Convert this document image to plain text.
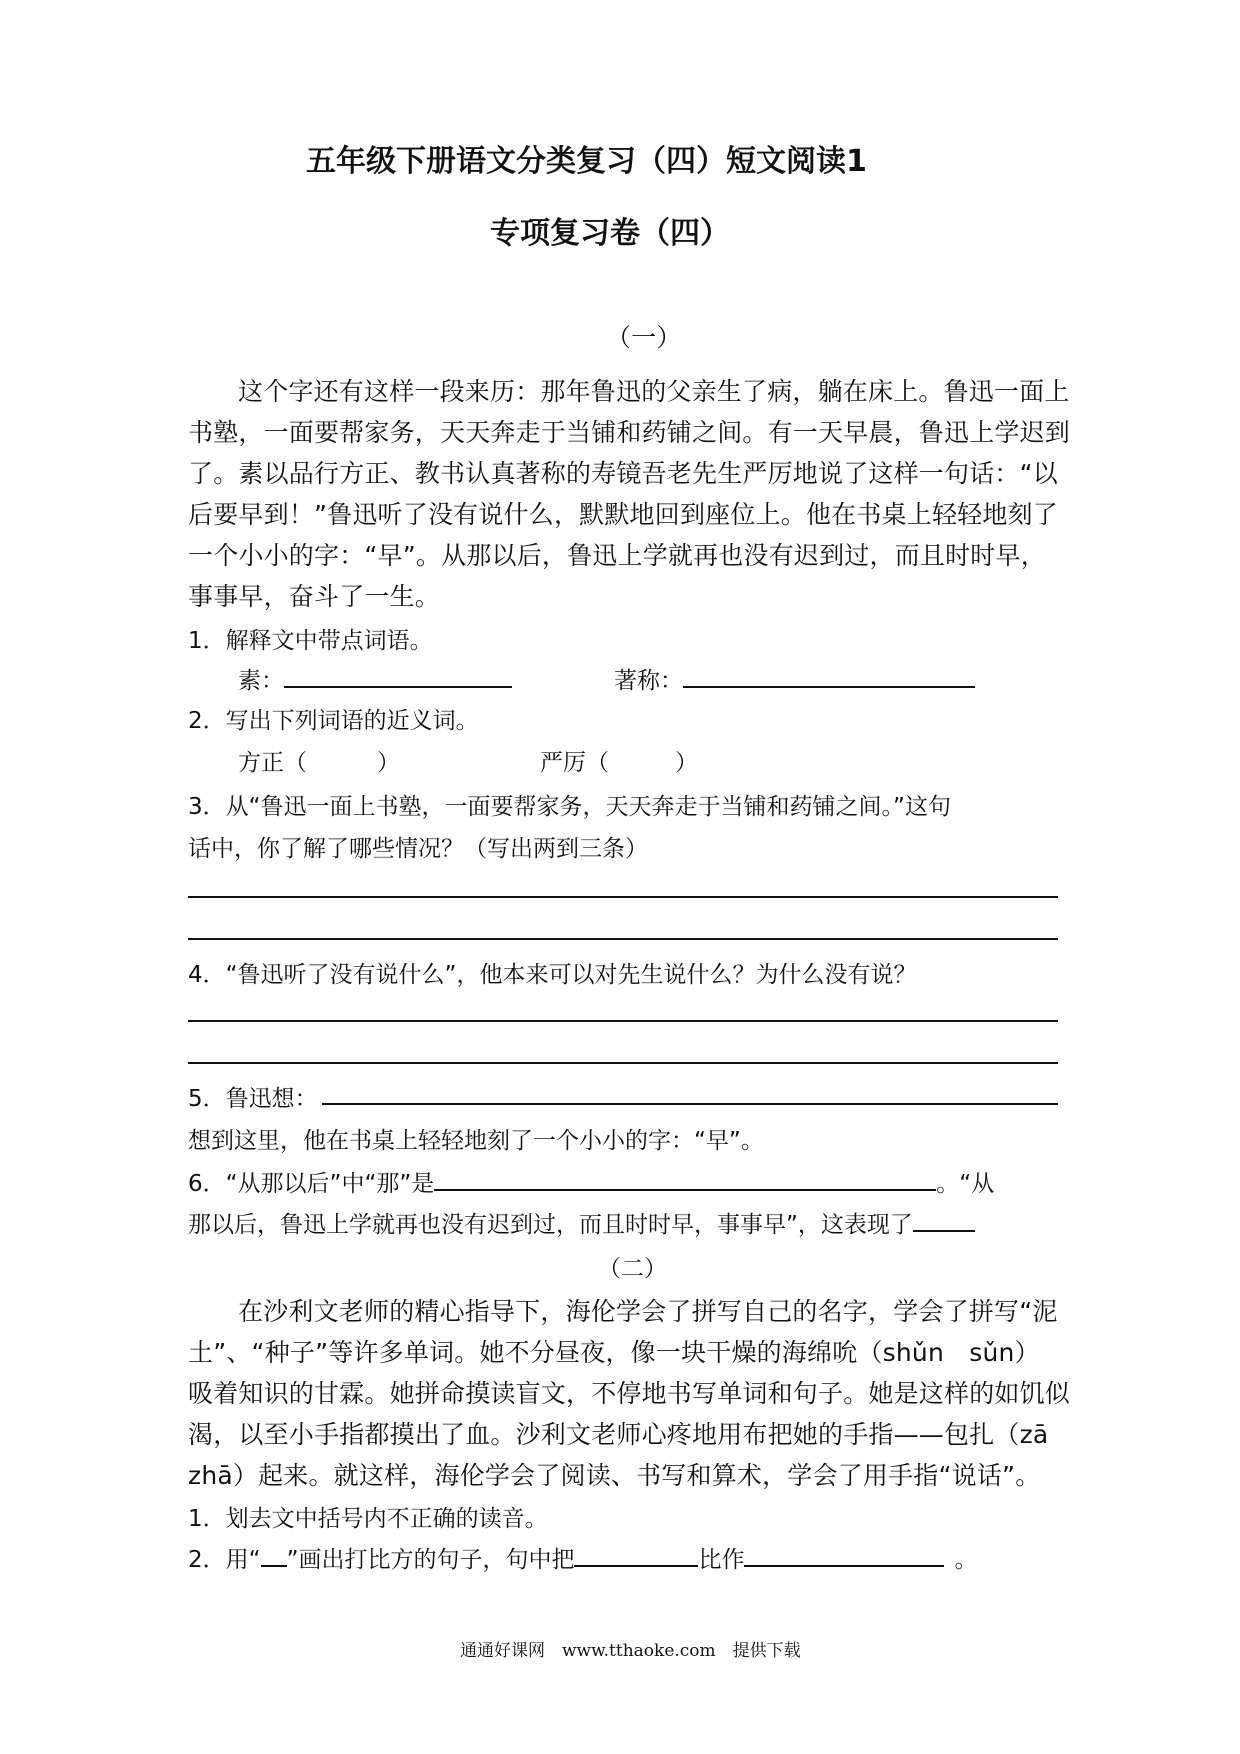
五年级下册语文分类复习（四）短文阅读1
专项复习卷（四）
（一）
这个字还有这样一段来历：那年鲁迅的父亲生了病，躺在床上。鲁迅一面上
书塾，一面要帮家务，天天奔走于当铺和药铺之间。有一天早晨，鲁迅上学迟到
了。素以品行方正、教书认真著称的寿镜吾老先生严厉地说了这样一句话：“以
后要早到！”鲁迅听了没有说什么，默默地回到座位上。他在书桌上轻轻地刻了
一个小小的字：“早”。从那以后，鲁迅上学就再也没有迟到过，而且时时早，
事事早，奋斗了一生。
1．解释文中带点词语。
素：	著称：
2．写出下列词语的近义词。
方正（	）	严厉（	）
3．从“鲁迅一面上书塾，一面要帮家务，天天奔走于当铺和药铺之间。”这句
话中，你了解了哪些情况？（写出两到三条）
4．“鲁迅听了没有说什么”，他本来可以对先生说什么？为什么没有说？
5．鲁迅想：
想到这里，他在书桌上轻轻地刻了一个小小的字：“早”。
6．“从那以后”中“那”是	。“从
那以后，鲁迅上学就再也没有迟到过，而且时时早，事事早”，这表现了
（二）
在沙利文老师的精心指导下，海伦学会了拼写自己的名字，学会了拼写“泥
土”、“种子”等许多单词。她不分昼夜，像一块干燥的海绵吮（shǔn　sǔn）
吸着知识的甘霖。她拼命摸读盲文，不停地书写单词和句子。她是这样的如饥似
渴，以至小手指都摸出了血。沙利文老师心疼地用布把她的手指——包扎（zā
zhā）起来。就这样，海伦学会了阅读、书写和算术，学会了用手指“说话”。
1．划去文中括号内不正确的读音。
2．用“ ”画出打比方的句子，句中把	比作	。
通通好课网　www.tthaoke.com　提供下载
